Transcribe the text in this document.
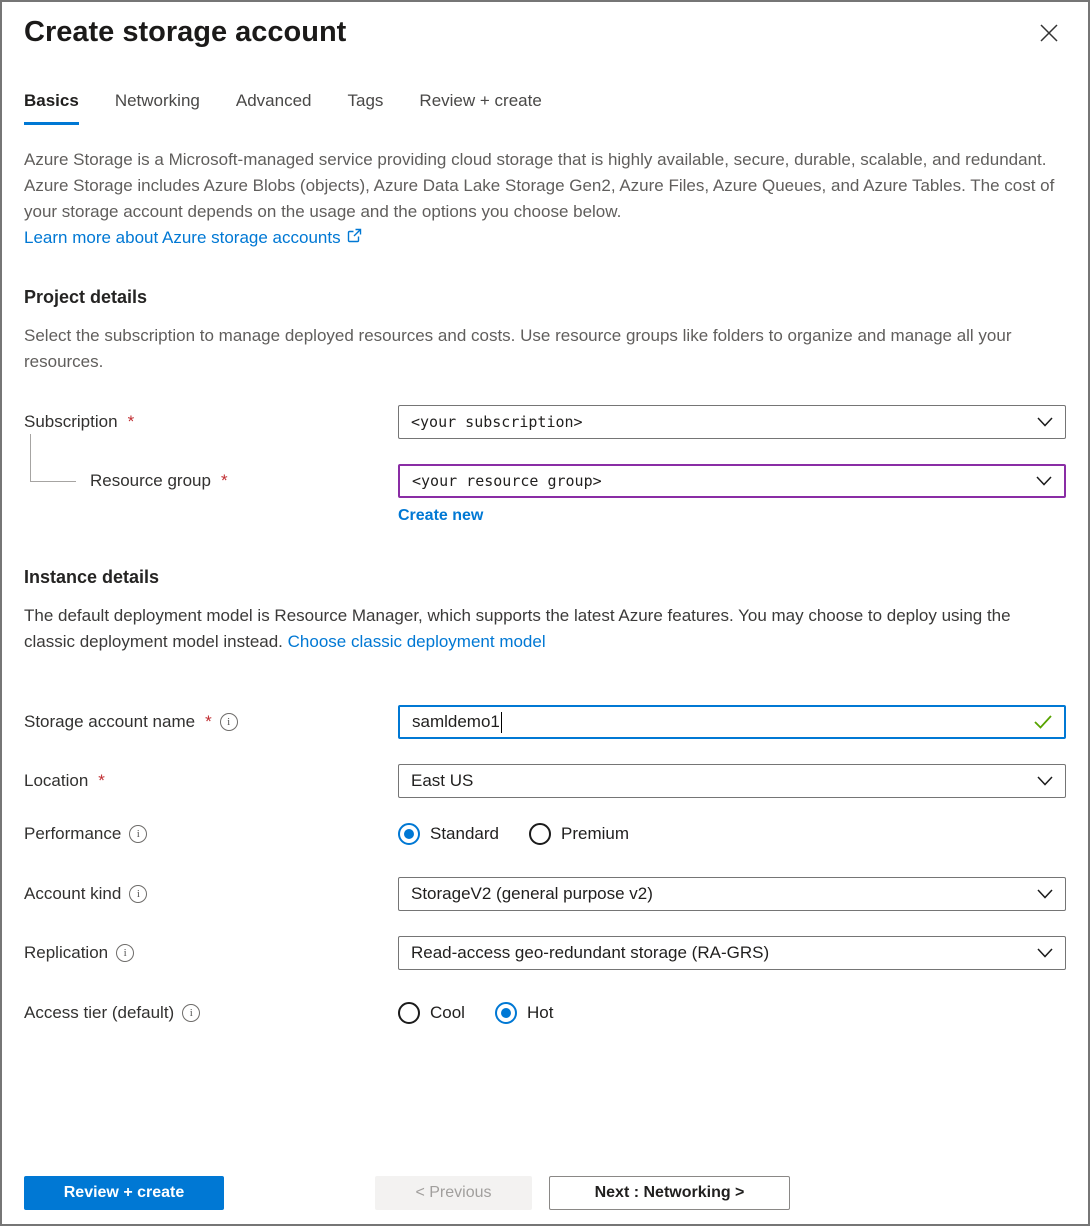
Create storage account
Basics Networking Advanced Tags Review + create
Azure Storage is a Microsoft-managed service providing cloud storage that is highly available, secure, durable, scalable, and redundant. Azure Storage includes Azure Blobs (objects), Azure Data Lake Storage Gen2, Azure Files, Azure Queues, and Azure Tables. The cost of your storage account depends on the usage and the options you choose below.
Learn more about Azure storage accounts
Project details
Select the subscription to manage deployed resources and costs. Use resource groups like folders to organize and manage all your resources.
Subscription *	<your subscription>
Resource group *	<your resource group>
Create new
Instance details
The default deployment model is Resource Manager, which supports the latest Azure features. You may choose to deploy using the classic deployment model instead. Choose classic deployment model
Storage account name *	i	samldemo1
Location *	East US
Performance	i	Standard	Premium
Account kind	i	StorageV2 (general purpose v2)
Replication	i	Read-access geo-redundant storage (RA-GRS)
Access tier (default)	i	Cool	Hot
Review + create	< Previous	Next : Networking >
